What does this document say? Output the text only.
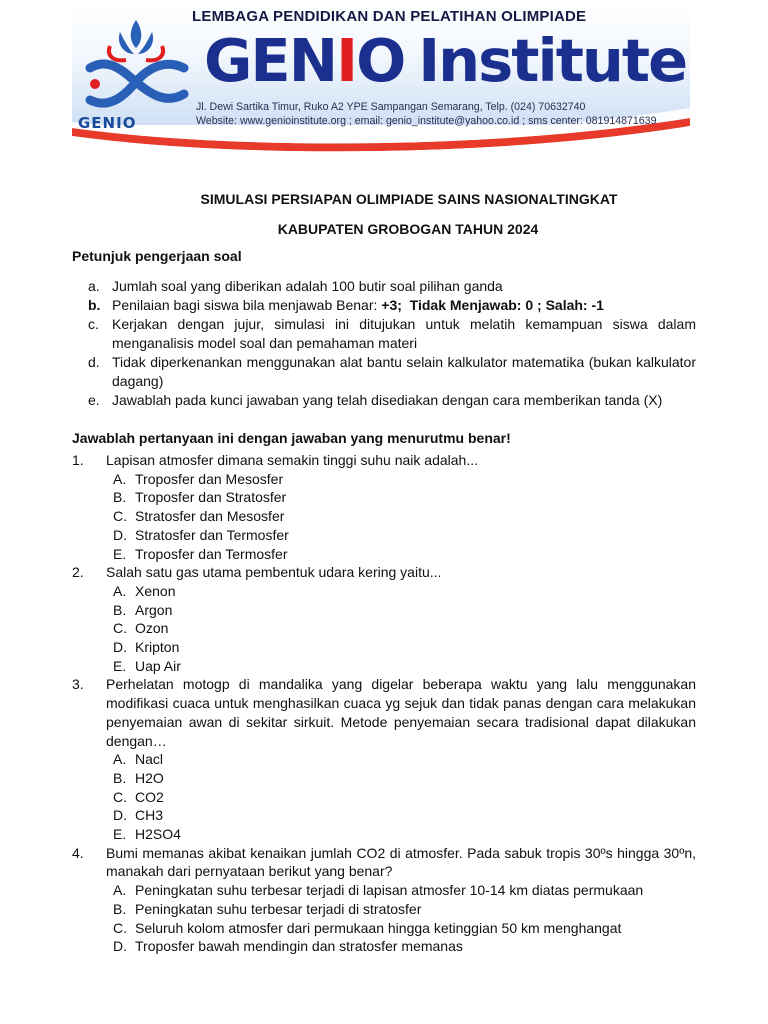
GENIO
LEMBAGA PENDIDIKAN DAN PELATIHAN OLIMPIADE
GENIO Institute
Jl. Dewi Sartika Timur, Ruko A2 YPE Sampangan Semarang, Telp. (024) 70632740
Website: www.genioinstitute.org ; email: genio_institute@yahoo.co.id ; sms center: 081914871639
SIMULASI PERSIAPAN OLIMPIADE SAINS NASIONALTINGKAT
KABUPATEN GROBOGAN TAHUN 2024
Petunjuk pengerjaan soal
a. Jumlah soal yang diberikan adalah 100 butir soal pilihan ganda
b. Penilaian bagi siswa bila menjawab Benar: +3;  Tidak Menjawab: 0 ; Salah: -1
c. Kerjakan dengan jujur, simulasi ini ditujukan untuk melatih kemampuan siswa dalam menganalisis model soal dan pemahaman materi
d. Tidak diperkenankan menggunakan alat bantu selain kalkulator matematika (bukan kalkulator dagang)
e. Jawablah pada kunci jawaban yang telah disediakan dengan cara memberikan tanda (X)
Jawablah pertanyaan ini dengan jawaban yang menurutmu benar!
1.	Lapisan atmosfer dimana semakin tinggi suhu naik adalah...
A. Troposfer dan Mesosfer
B. Troposfer dan Stratosfer
C. Stratosfer dan Mesosfer
D. Stratosfer dan Termosfer
E. Troposfer dan Termosfer
2.	Salah satu gas utama pembentuk udara kering yaitu...
A. Xenon
B. Argon
C. Ozon
D. Kripton
E. Uap Air
3.	Perhelatan motogp di mandalika yang digelar beberapa waktu yang lalu menggunakan modifikasi cuaca untuk menghasilkan cuaca yg sejuk dan tidak panas dengan cara melakukan penyemaian awan di sekitar sirkuit. Metode penyemaian secara tradisional dapat dilakukan dengan…
A. Nacl
B. H2O
C. CO2
D. CH3
E. H2SO4
4.	Bumi memanas akibat kenaikan jumlah CO2 di atmosfer. Pada sabuk tropis 30ºs hingga 30ºn, manakah dari pernyataan berikut yang benar?
A. Peningkatan suhu terbesar terjadi di lapisan atmosfer 10-14 km diatas permukaan
B. Peningkatan suhu terbesar terjadi di stratosfer
C. Seluruh kolom atmosfer dari permukaan hingga ketinggian 50 km menghangat
D. Troposfer bawah mendingin dan stratosfer memanas
